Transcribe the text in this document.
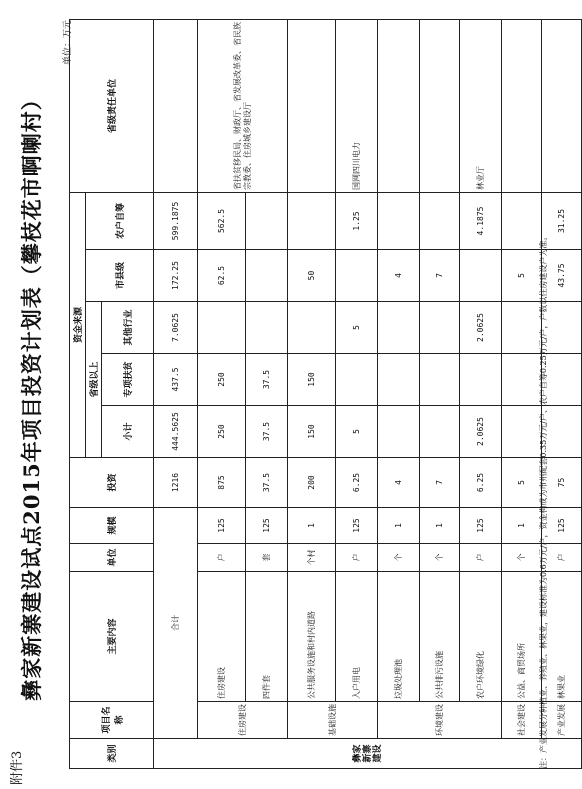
附件3
彝家新寨建设试点2015年项目投资计划表（攀枝花市啊喇村）
单位：万元
类别	项目名称	主要内容	单位	规模	投资	资金来源					省级责任单位
						省级以上			市县级	农户自筹	
						小计	专项扶贫	其他行业			

彝家新寨建设	合计				1216	444.5625	437.5	7.0625	172.25	599.1875	
	住房建设	住房建设	户	125	875	250	250		62.5	562.5	省扶贫移民局、财政厅、省发展改革委、省民族宗教委、住房城乡建设厅
		四件套	套	125	37.5	37.5	37.5				
	基础设施	公共服务设施和村内道路	个村	1	200	150	150		50		
		入户用电	户	125	6.25	5		5		1.25	国网四川电力
	环境建设	垃圾处理池	个	1	4				4		
		公共排污设施	个	1	7				7		
		农户环境绿化	户	125	6.25	2.0625		2.0625		4.1875	林业厅
	社会建设	公益、商贸场所	个	1	5				5		
	产业发展	林果业	户	125	75				43.75	31.25	
注：产业发展分种植业、养殖业、林果业，建设标准为0.6万元/户，资金构成为市州配套0.35万元/户、农户自筹0.25万元/户，户数以住房建设户为准。
